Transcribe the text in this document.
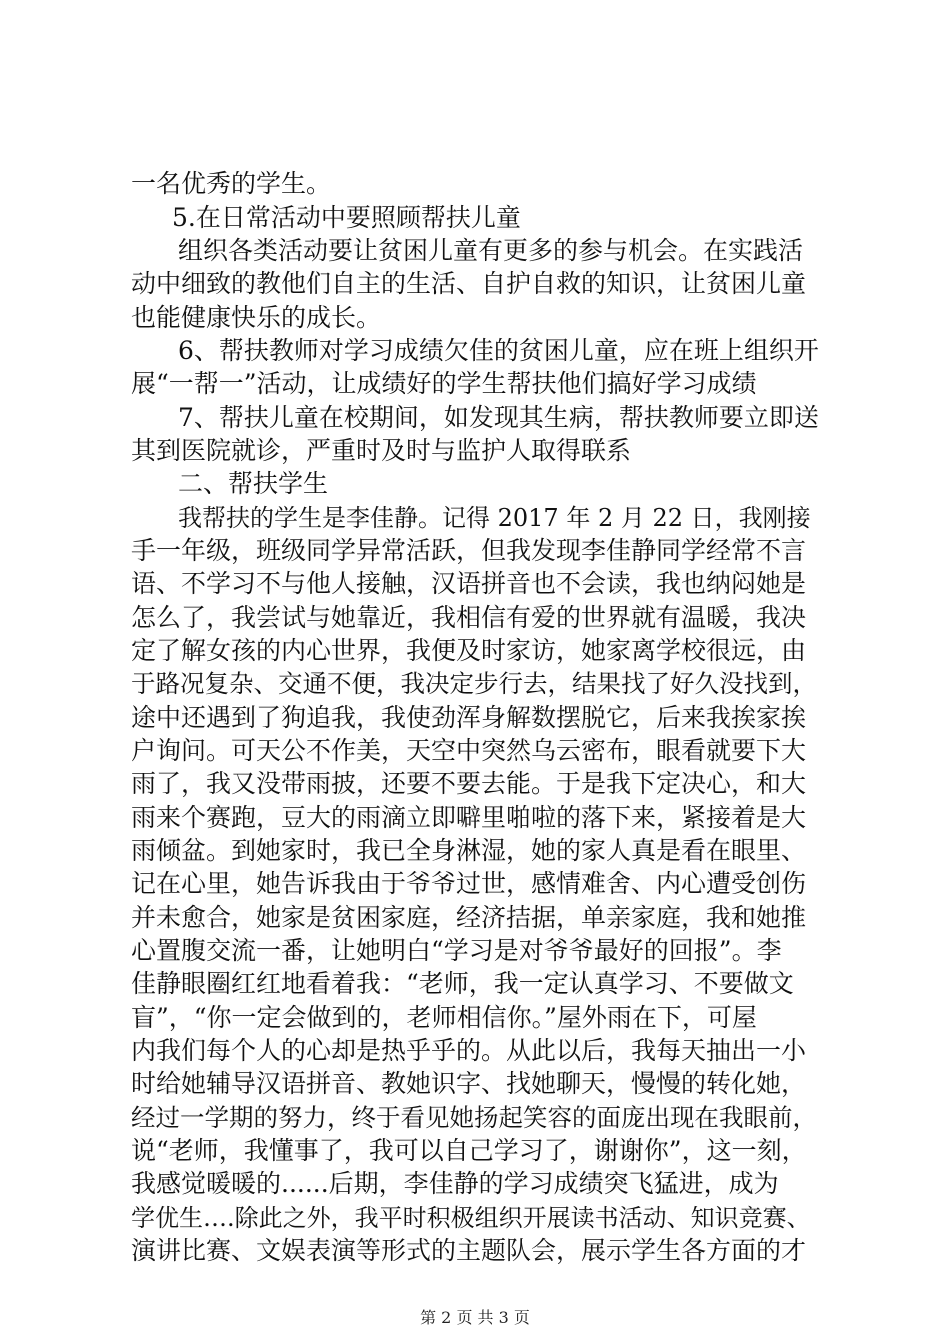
一名优秀的学生。
5.在日常活动中要照顾帮扶儿童
组织各类活动要让贫困儿童有更多的参与机会。在实践活
动中细致的教他们自主的生活、自护自救的知识，让贫困儿童
也能健康快乐的成长。
6、帮扶教师对学习成绩欠佳的贫困儿童，应在班上组织开
展“一帮一”活动，让成绩好的学生帮扶他们搞好学习成绩
7、帮扶儿童在校期间，如发现其生病，帮扶教师要立即送
其到医院就诊，严重时及时与监护人取得联系
二、帮扶学生
我帮扶的学生是李佳静。记得 2017 年 2 月 22 日，我刚接
手一年级，班级同学异常活跃，但我发现李佳静同学经常不言
语、不学习不与他人接触，汉语拼音也不会读，我也纳闷她是
怎么了，我尝试与她靠近，我相信有爱的世界就有温暖，我决
定了解女孩的内心世界，我便及时家访，她家离学校很远，由
于路况复杂、交通不便，我决定步行去，结果找了好久没找到，
途中还遇到了狗追我，我使劲浑身解数摆脱它，后来我挨家挨
户询问。可天公不作美，天空中突然乌云密布，眼看就要下大
雨了，我又没带雨披，还要不要去能。于是我下定决心，和大
雨来个赛跑，豆大的雨滴立即噼里啪啦的落下来，紧接着是大
雨倾盆。到她家时，我已全身淋湿，她的家人真是看在眼里、
记在心里，她告诉我由于爷爷过世，感情难舍、内心遭受创伤
并未愈合，她家是贫困家庭，经济拮据，单亲家庭，我和她推
心置腹交流一番，让她明白“学习是对爷爷最好的回报”。李
佳静眼圈红红地看着我：“老师，我一定认真学习、不要做文
盲”，“你一定会做到的，老师相信你。”屋外雨在下，可屋
内我们每个人的心却是热乎乎的。从此以后，我每天抽出一小
时给她辅导汉语拼音、教她识字、找她聊天，慢慢的转化她，
经过一学期的努力，终于看见她扬起笑容的面庞出现在我眼前，
说“老师，我懂事了，我可以自己学习了，谢谢你”，这一刻，
我感觉暖暖的......后期，李佳静的学习成绩突飞猛进，成为
学优生….除此之外，我平时积极组织开展读书活动、知识竞赛、
演讲比赛、文娱表演等形式的主题队会，展示学生各方面的才
第 2 页 共 3 页
